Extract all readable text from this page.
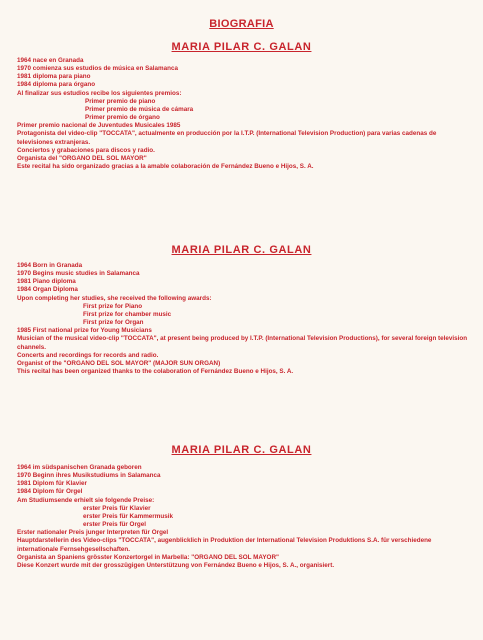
BIOGRAFIA
MARIA PILAR C. GALAN
1964 nace en Granada
1970 comienza sus estudios de música en Salamanca
1981 diploma para piano
1984 diploma para órgano
Al finalizar sus estudios recibe los siguientes premios:
Primer premio de piano
Primer premio de música de cámara
Primer premio de órgano
Primer premio nacional de Juventudes Musicales 1985
Protagonista del video-clip "TOCCATA", actualmente en producción por la I.T.P. (International Television Production) para varias cadenas de televisiones extranjeras.
Conciertos y grabaciones para discos y radio.
Organista del "ORGANO DEL SOL MAYOR"
Este recital ha sido organizado gracias a la amable colaboración de Fernández Bueno e Hijos, S. A.
MARIA PILAR C. GALAN
1964 Born in Granada
1970 Begins music studies in Salamanca
1981 Piano diploma
1984 Organ Diploma
Upon completing her studies, she received the following awards:
First prize for Piano
First prize for chamber music
First prize for Organ
1985 First national prize for Young Musicians
Musician of the musical video-clip "TOCCATA", at present being produced by I.T.P. (International Television Productions), for several foreign television channels.
Concerts and recordings for records and radio.
Organist of the "ORGANO DEL SOL MAYOR" (MAJOR SUN ORGAN)
This recital has been organized thanks to the colaboration of Fernández Bueno e Hijos, S. A.
MARIA PILAR C. GALAN
1964 im südspanischen Granada geboren
1970 Beginn ihres Musikstudiums in Salamanca
1981 Diplom für Klavier
1984 Diplom für Orgel
Am Studiumsende erhielt sie folgende Preise:
erster Preis für Klavier
erster Preis für Kammermusik
erster Preis für Orgel
Erster nationaler Preis junger Interpreten für Orgel
Hauptdarstellerin des Video-clips "TOCCATA", augenblicklich in Produktion der International Television Produktions S.A. für verschiedene internationale Fernsehgesellschaften.
Organista an Spaniens grösster Konzertorgel in Marbella: "ORGANO DEL SOL MAYOR"
Diese Konzert wurde mit der grosszügigen Unterstützung von Fernández Bueno e Hijos, S. A., organisiert.
